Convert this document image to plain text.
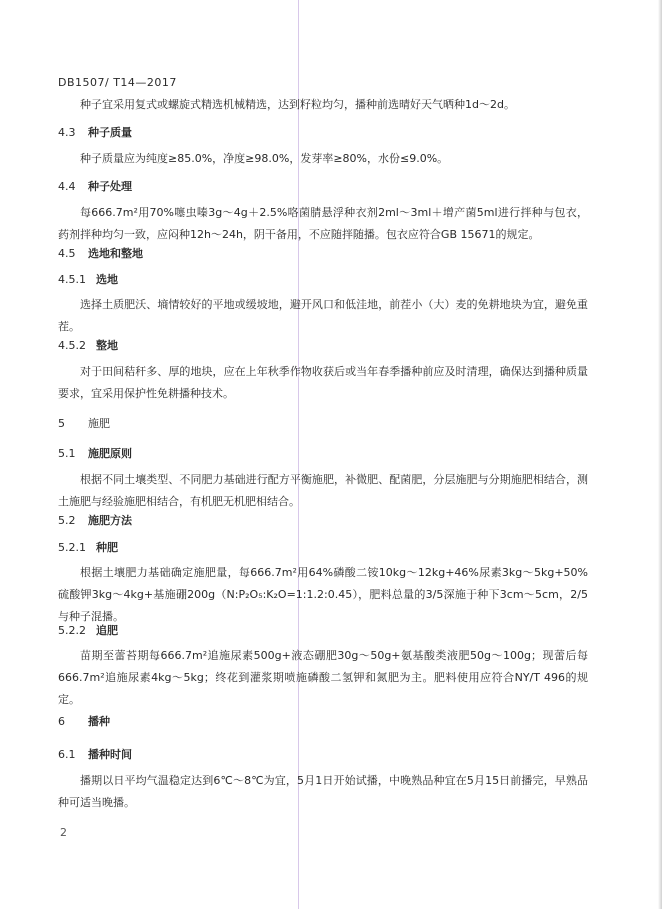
DB1507/ T14—2017
种子宜采用复式或螺旋式精选机械精选，达到籽粒均匀，播种前选晴好天气晒种1d～2d。
4.3 种子质量
种子质量应为纯度≥85.0%，净度≥98.0%，发芽率≥80%，水份≤9.0%。
4.4 种子处理
每666.7m²用70%噻虫嗪3g～4g＋2.5%咯菌腈悬浮种衣剂2ml～3ml＋增产菌5ml进行拌种与包衣，药剂拌种均匀一致，应闷种12h～24h，阴干备用，不应随拌随播。包衣应符合GB 15671的规定。
4.5 选地和整地
4.5.1 选地
选择土质肥沃、墒情较好的平地或缓坡地，避开风口和低洼地，前茬小（大）麦的免耕地块为宜，避免重茬。
4.5.2 整地
对于田间秸秆多、厚的地块，应在上年秋季作物收获后或当年春季播种前应及时清理，确保达到播种质量要求，宜采用保护性免耕播种技术。
5 施肥
5.1 施肥原则
根据不同土壤类型、不同肥力基础进行配方平衡施肥，补微肥、配菌肥，分层施肥与分期施肥相结合，测土施肥与经验施肥相结合，有机肥无机肥相结合。
5.2 施肥方法
5.2.1 种肥
根据土壤肥力基础确定施肥量，每666.7m²用64%磷酸二铵10kg～12kg+46%尿素3kg～5kg+50%硫酸钾3kg～4kg+基施硼200g（N:P₂O₅:K₂O=1:1.2:0.45），肥料总量的3/5深施于种下3cm～5cm，2/5与种子混播。
5.2.2 追肥
苗期至蕾苔期每666.7m²追施尿素500g+液态硼肥30g～50g+氨基酸类液肥50g～100g；现蕾后每666.7m²追施尿素4kg～5kg；终花到灌浆期喷施磷酸二氢钾和氮肥为主。肥料使用应符合NY/T 496的规定。
6 播种
6.1 播种时间
播期以日平均气温稳定达到6℃～8℃为宜，5月1日开始试播，中晚熟品种宜在5月15日前播完，早熟品种可适当晚播。
2
